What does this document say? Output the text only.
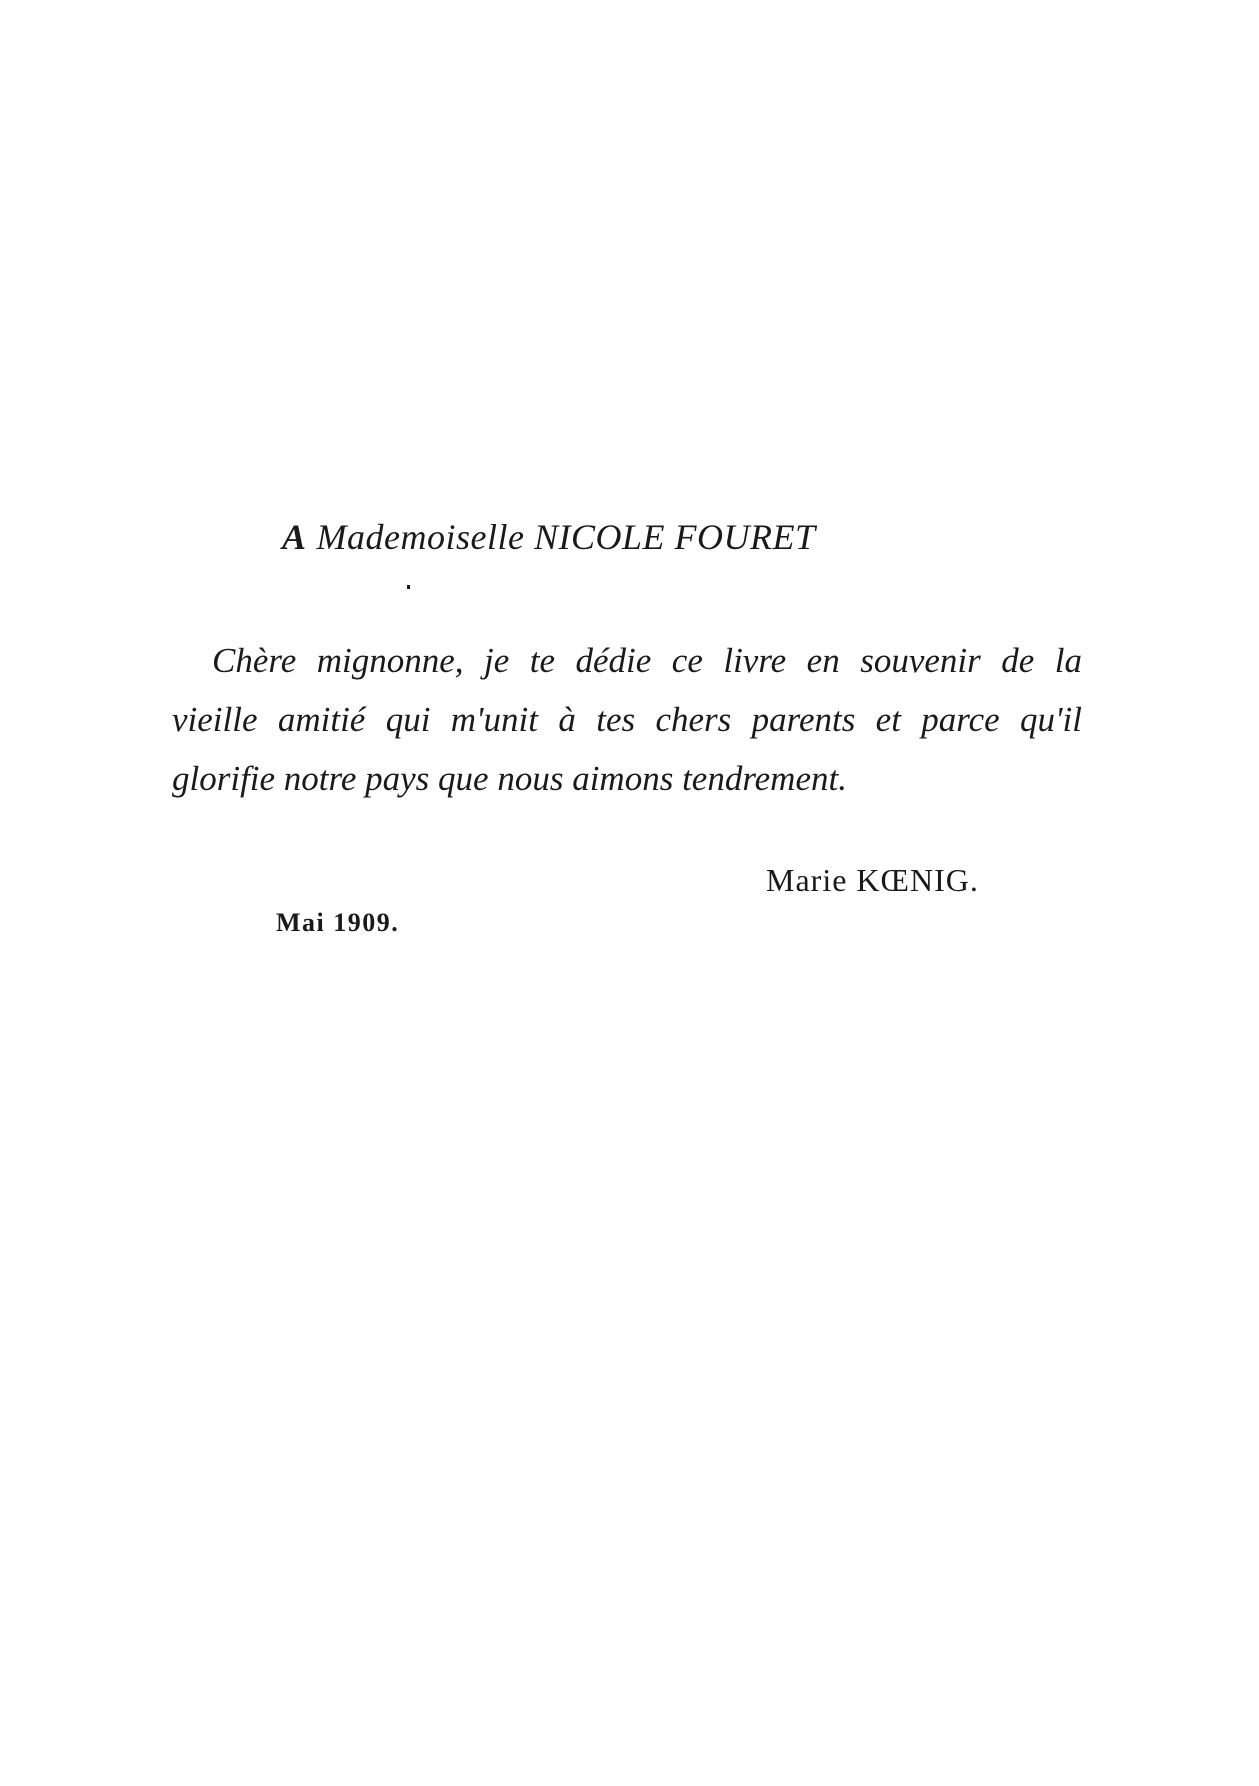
A Mademoiselle NICOLE FOURET

Chère mignonne, je te dédie ce livre en souvenir de la
vieille amitié qui m'unit à tes chers parents et parce qu'il
glorifie notre pays que nous aimons tendrement.

Marie KŒNIG.
Mai 1909.
